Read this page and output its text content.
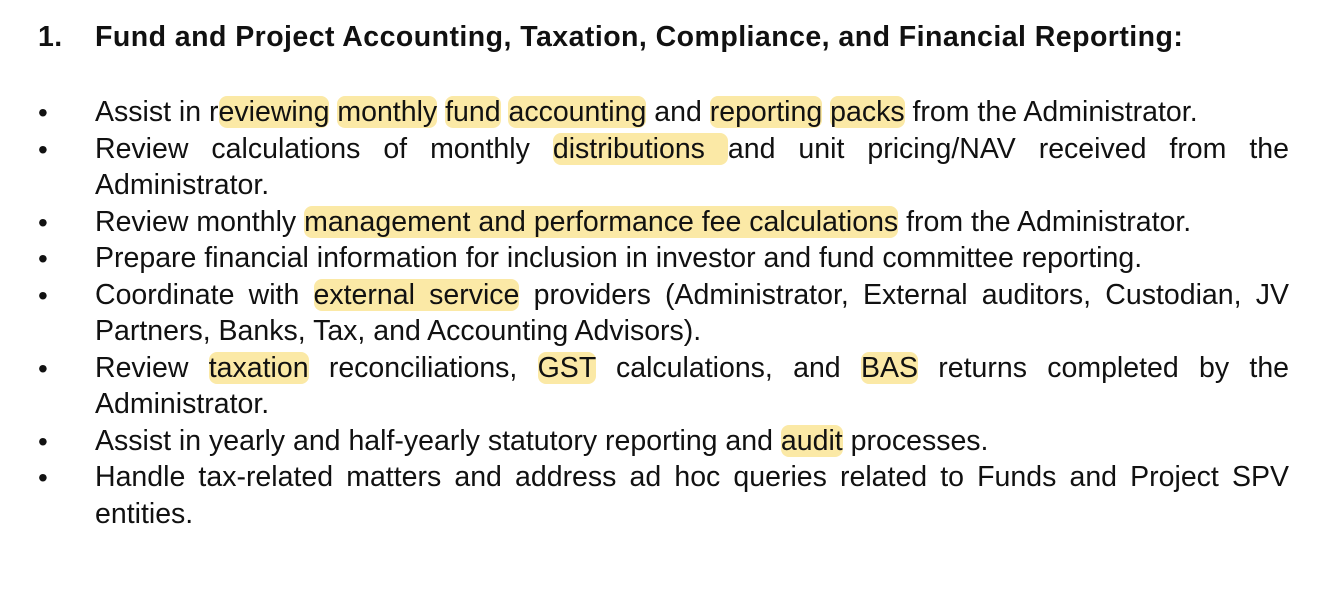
1. Fund and Project Accounting, Taxation, Compliance, and Financial Reporting:
• Assist in reviewing monthly fund accounting and reporting packs from the Administrator.
• Review calculations of monthly distributions and unit pricing/NAV received from the Administrator.
• Review monthly management and performance fee calculations from the Administrator.
• Prepare financial information for inclusion in investor and fund committee reporting.
• Coordinate with external service providers (Administrator, External auditors, Custodian, JV Partners, Banks, Tax, and Accounting Advisors).
• Review taxation reconciliations, GST calculations, and BAS returns completed by the Administrator.
• Assist in yearly and half-yearly statutory reporting and audit processes.
• Handle tax-related matters and address ad hoc queries related to Funds and Project SPV entities.
